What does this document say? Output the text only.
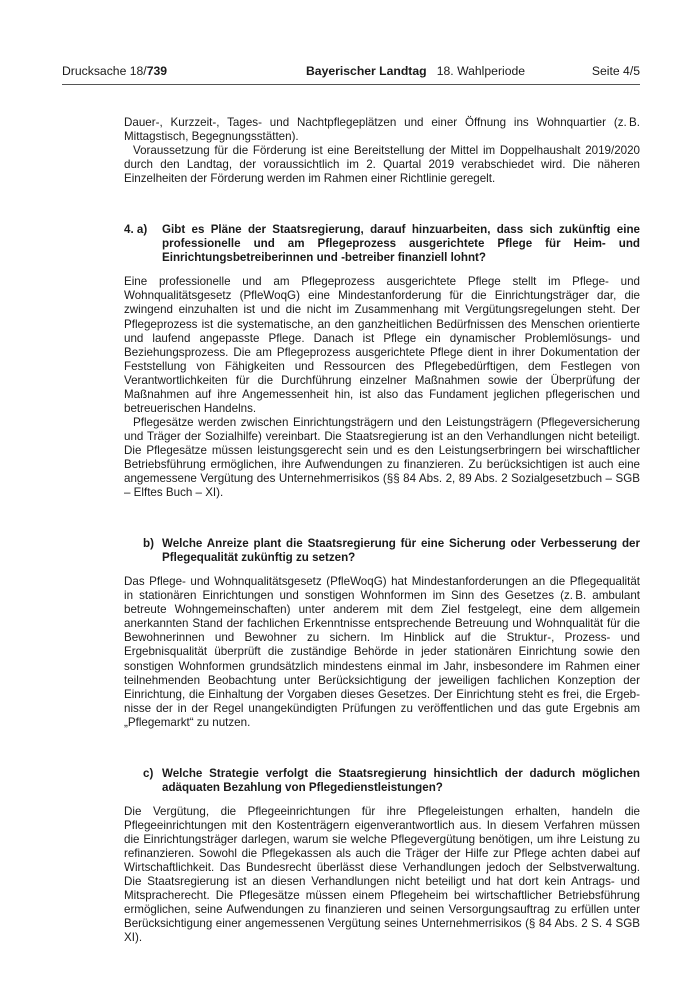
Drucksache 18/739	Bayerischer Landtag 18. Wahlperiode	Seite 4/5

Dauer-, Kurzzeit-, Tages- und Nachtpflegeplätzen und einer Öffnung ins Wohnquartier (z. B. Mittagstisch, Begegnungsstätten).

Voraussetzung für die Förderung ist eine Bereitstellung der Mittel im Doppelhaushalt 2019/2020 durch den Landtag, der voraussichtlich im 2. Quartal 2019 verabschiedet wird. Die näheren Einzelheiten der Förderung werden im Rahmen einer Richtlinie geregelt.

4. a)	Gibt es Pläne der Staatsregierung, darauf hinzuarbeiten, dass sich zukünftig eine professionelle und am Pflegeprozess ausgerichtete Pflege für Heim- und Einrichtungsbetreiberinnen und -betreiber finanziell lohnt?

Eine professionelle und am Pflegeprozess ausgerichtete Pflege stellt im Pflege- und Wohnqualitätsgesetz (PfleWoqG) eine Mindestanforderung für die Einrichtungsträger dar, die zwingend einzuhalten ist und die nicht im Zusammenhang mit Vergütungsregelungen steht. Der Pflegeprozess ist die systematische, an den ganzheitlichen Bedürfnissen des Menschen orientierte und laufend angepasste Pflege. Danach ist Pflege ein dynamischer Problemlösungs- und Beziehungsprozess. Die am Pflegeprozess ausgerichtete Pflege dient in ihrer Dokumentation der Feststellung von Fähigkeiten und Ressourcen des Pflegebedürftigen, dem Festlegen von Verantwortlichkeiten für die Durchführung einzelner Maßnahmen sowie der Überprüfung der Maßnahmen auf ihre Angemessenheit hin, ist also das Fundament jeglichen pflegerischen und betreuerischen Handelns.

Pflegesätze werden zwischen Einrichtungsträgern und den Leistungsträgern (Pflegeversicherung und Träger der Sozialhilfe) vereinbart. Die Staatsregierung ist an den Verhandlungen nicht beteiligt. Die Pflegesätze müssen leistungsgerecht sein und es den Leistungserbringern bei wirschaftlicher Betriebsführung ermöglichen, ihre Aufwendungen zu finanzieren. Zu berücksichtigen ist auch eine angemessene Vergütung des Unternehmerrisikos (§§ 84 Abs. 2, 89 Abs. 2 Sozialgesetzbuch – SGB – Elftes Buch – XI).

b) Welche Anreize plant die Staatsregierung für eine Sicherung oder Verbesserung der Pflegequalität zukünftig zu setzen?

Das Pflege- und Wohnqualitätsgesetz (PfleWoqG) hat Mindestanforderungen an die Pflegequalität in stationären Einrichtungen und sonstigen Wohnformen im Sinn des Gesetzes (z. B. ambulant betreute Wohngemeinschaften) unter anderem mit dem Ziel festgelegt, eine dem allgemein anerkannten Stand der fachlichen Erkenntnisse entsprechende Betreuung und Wohnqualität für die Bewohnerinnen und Bewohner zu sichern. Im Hinblick auf die Struktur-, Prozess- und Ergebnisqualität überprüft die zuständige Behörde in jeder stationären Einrichtung sowie den sonstigen Wohnformen grundsätzlich mindestens einmal im Jahr, insbesondere im Rahmen einer teilnehmenden Beobachtung unter Berücksichtigung der jeweiligen fachlichen Konzeption der Einrichtung, die Einhaltung der Vorgaben dieses Gesetzes. Der Einrichtung steht es frei, die Ergebnisse der in der Regel unangekündigten Prüfungen zu veröffentlichen und das gute Ergebnis am „Pflegemarkt“ zu nutzen.

c) Welche Strategie verfolgt die Staatsregierung hinsichtlich der dadurch möglichen adäquaten Bezahlung von Pflegedienstleistungen?

Die Vergütung, die Pflegeeinrichtungen für ihre Pflegeleistungen erhalten, handeln die Pflegeeinrichtungen mit den Kostenträgern eigenverantwortlich aus. In diesem Verfahren müssen die Einrichtungsträger darlegen, warum sie welche Pflegevergütung benötigen, um ihre Leistung zu refinanzieren. Sowohl die Pflegekassen als auch die Träger der Hilfe zur Pflege achten dabei auf Wirtschaftlichkeit. Das Bundesrecht überlässt diese Verhandlungen jedoch der Selbstverwaltung. Die Staatsregierung ist an diesen Verhandlungen nicht beteiligt und hat dort kein Antrags- und Mitspracherecht. Die Pflegesätze müssen einem Pflegeheim bei wirtschaftlicher Betriebsführung ermöglichen, seine Aufwendungen zu finanzieren und seinen Versorgungsauftrag zu erfüllen unter Berücksichtigung einer angemessenen Vergütung seines Unternehmerrisikos (§ 84 Abs. 2 S. 4 SGB XI).
